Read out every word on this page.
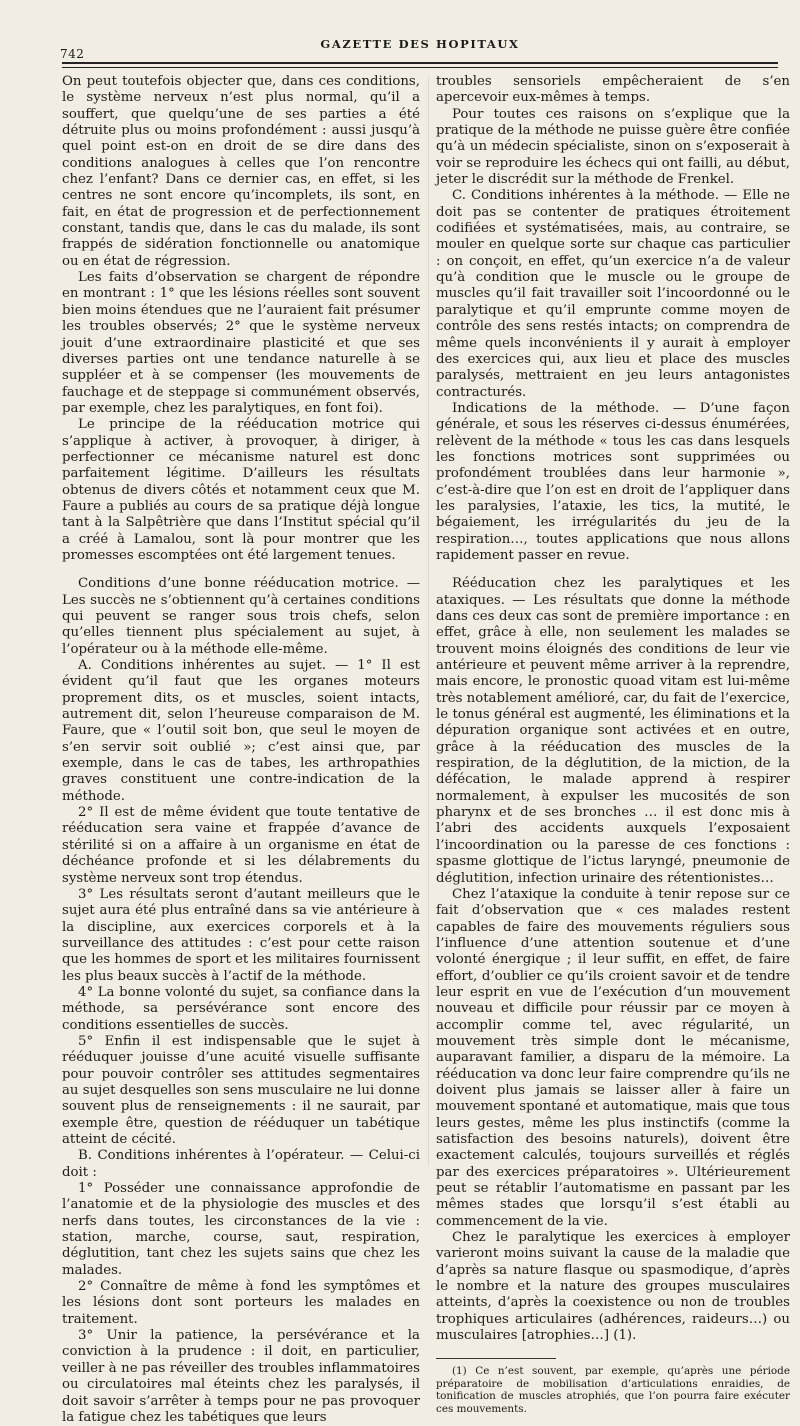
742
GAZETTE DES HOPITAUX

On peut toutefois objecter que, dans ces conditions, le système nerveux n’est plus normal, qu’il a souffert, que quelqu’une de ses parties a été détruite plus ou moins profondément : aussi jusqu’à quel point est-on en droit de se dire dans des conditions analogues à celles que l’on rencontre chez l’enfant? Dans ce dernier cas, en effet, si les centres ne sont encore qu’incomplets, ils sont, en fait, en état de progression et de perfectionnement constant, tandis que, dans le cas du malade, ils sont frappés de sidération fonctionnelle ou anatomique ou en état de régression.

Les faits d’observation se chargent de répondre en montrant : 1° que les lésions réelles sont souvent bien moins étendues que ne l’auraient fait présumer les troubles observés; 2° que le système nerveux jouit d’une extraordinaire plasticité et que ses diverses parties ont une tendance naturelle à se suppléer et à se compenser (les mouvements de fauchage et de steppage si communément observés, par exemple, chez les paralytiques, en font foi).

Le principe de la rééducation motrice qui s’applique à activer, à provoquer, à diriger, à perfectionner ce mécanisme naturel est donc parfaitement légitime. D’ailleurs les résultats obtenus de divers côtés et notamment ceux que M. Faure a publiés au cours de sa pratique déjà longue tant à la Salpêtrière que dans l’Institut spécial qu’il a créé à Lamalou, sont là pour montrer que les promesses escomptées ont été largement tenues.

Conditions d’une bonne rééducation motrice. — Les succès ne s’obtiennent qu’à certaines conditions qui peuvent se ranger sous trois chefs, selon qu’elles tiennent plus spécialement au sujet, à l’opérateur ou à la méthode elle-même.

A. Conditions inhérentes au sujet. — 1° Il est évident qu’il faut que les organes moteurs proprement dits, os et muscles, soient intacts, autrement dit, selon l’heureuse comparaison de M. Faure, que « l’outil soit bon, que seul le moyen de s’en servir soit oublié »; c’est ainsi que, par exemple, dans le cas de tabes, les arthropathies graves constituent une contre-indication de la méthode.

2° Il est de même évident que toute tentative de rééducation sera vaine et frappée d’avance de stérilité si on a affaire à un organisme en état de déchéance profonde et si les délabrements du système nerveux sont trop étendus.

3° Les résultats seront d’autant meilleurs que le sujet aura été plus entraîné dans sa vie antérieure à la discipline, aux exercices corporels et à la surveillance des attitudes : c’est pour cette raison que les hommes de sport et les militaires fournissent les plus beaux succès à l’actif de la méthode.

4° La bonne volonté du sujet, sa confiance dans la méthode, sa persévérance sont encore des conditions essentielles de succès.

5° Enfin il est indispensable que le sujet à rééduquer jouisse d’une acuité visuelle suffisante pour pouvoir contrôler ses attitudes segmentaires au sujet desquelles son sens musculaire ne lui donne souvent plus de renseignements : il ne saurait, par exemple être, question de rééduquer un tabétique atteint de cécité.

B. Conditions inhérentes à l’opérateur. — Celui-ci doit :

1° Posséder une connaissance approfondie de l’anatomie et de la physiologie des muscles et des nerfs dans toutes, les circonstances de la vie : station, marche, course, saut, respiration, déglutition, tant chez les sujets sains que chez les malades.

2° Connaître de même à fond les symptômes et les lésions dont sont porteurs les malades en traitement.

3° Unir la patience, la persévérance et la conviction à la prudence : il doit, en particulier, veiller à ne pas réveiller des troubles inflammatoires ou circulatoires mal éteints chez les paralysés, il doit savoir s’arrêter à temps pour ne pas provoquer la fatigue chez les tabétiques que leurs

troubles sensoriels empêcheraient de s’en apercevoir eux-mêmes à temps.

Pour toutes ces raisons on s’explique que la pratique de la méthode ne puisse guère être confiée qu’à un médecin spécialiste, sinon on s’exposerait à voir se reproduire les échecs qui ont failli, au début, jeter le discrédit sur la méthode de Frenkel.

C. Conditions inhérentes à la méthode. — Elle ne doit pas se contenter de pratiques étroitement codifiées et systématisées, mais, au contraire, se mouler en quelque sorte sur chaque cas particulier : on conçoit, en effet, qu’un exercice n’a de valeur qu’à condition que le muscle ou le groupe de muscles qu’il fait travailler soit l’incoordonné ou le paralytique et qu’il emprunte comme moyen de contrôle des sens restés intacts; on comprendra de même quels inconvénients il y aurait à employer des exercices qui, aux lieu et place des muscles paralysés, mettraient en jeu leurs antagonistes contracturés.

Indications de la méthode. — D’une façon générale, et sous les réserves ci-dessus énumérées, relèvent de la méthode « tous les cas dans lesquels les fonctions motrices sont supprimées ou profondément troublées dans leur harmonie », c’est-à-dire que l’on est en droit de l’appliquer dans les paralysies, l’ataxie, les tics, la mutité, le bégaiement, les irrégularités du jeu de la respiration…, toutes applications que nous allons rapidement passer en revue.

Rééducation chez les paralytiques et les ataxiques. — Les résultats que donne la méthode dans ces deux cas sont de première importance : en effet, grâce à elle, non seulement les malades se trouvent moins éloignés des conditions de leur vie antérieure et peuvent même arriver à la reprendre, mais encore, le pronostic quoad vitam est lui-même très notablement amélioré, car, du fait de l’exercice, le tonus général est augmenté, les éliminations et la dépuration organique sont activées et en outre, grâce à la rééducation des muscles de la respiration, de la déglutition, de la miction, de la défécation, le malade apprend à respirer normalement, à expulser les mucosités de son pharynx et de ses bronches … il est donc mis à l’abri des accidents auxquels l’exposaient l’incoordination ou la paresse de ces fonctions : spasme glottique de l’ictus laryngé, pneumonie de déglutition, infection urinaire des rétentionistes…

Chez l’ataxique la conduite à tenir repose sur ce fait d’observation que « ces malades restent capables de faire des mouvements réguliers sous l’influence d’une attention soutenue et d’une volonté énergique ; il leur suffit, en effet, de faire effort, d’oublier ce qu’ils croient savoir et de tendre leur esprit en vue de l’exécution d’un mouvement nouveau et difficile pour réussir par ce moyen à accomplir comme tel, avec régularité, un mouvement très simple dont le mécanisme, auparavant familier, a disparu de la mémoire. La rééducation va donc leur faire comprendre qu’ils ne doivent plus jamais se laisser aller à faire un mouvement spontané et automatique, mais que tous leurs gestes, même les plus instinctifs (comme la satisfaction des besoins naturels), doivent être exactement calculés, toujours surveillés et réglés par des exercices préparatoires ». Ultérieurement peut se rétablir l’automatisme en passant par les mêmes stades que lorsqu’il s’est établi au commencement de la vie.

Chez le paralytique les exercices à employer varieront moins suivant la cause de la maladie que d’après sa nature flasque ou spasmodique, d’après le nombre et la nature des groupes musculaires atteints, d’après la coexistence ou non de troubles trophiques articulaires (adhérences, raideurs…) ou musculaires [atrophies…] (1).

(1) Ce n’est souvent, par exemple, qu’après une période préparatoire de mobilisation d’articulations enraidies, de tonification de muscles atrophiés, que l’on pourra faire exécuter ces mouvements.
